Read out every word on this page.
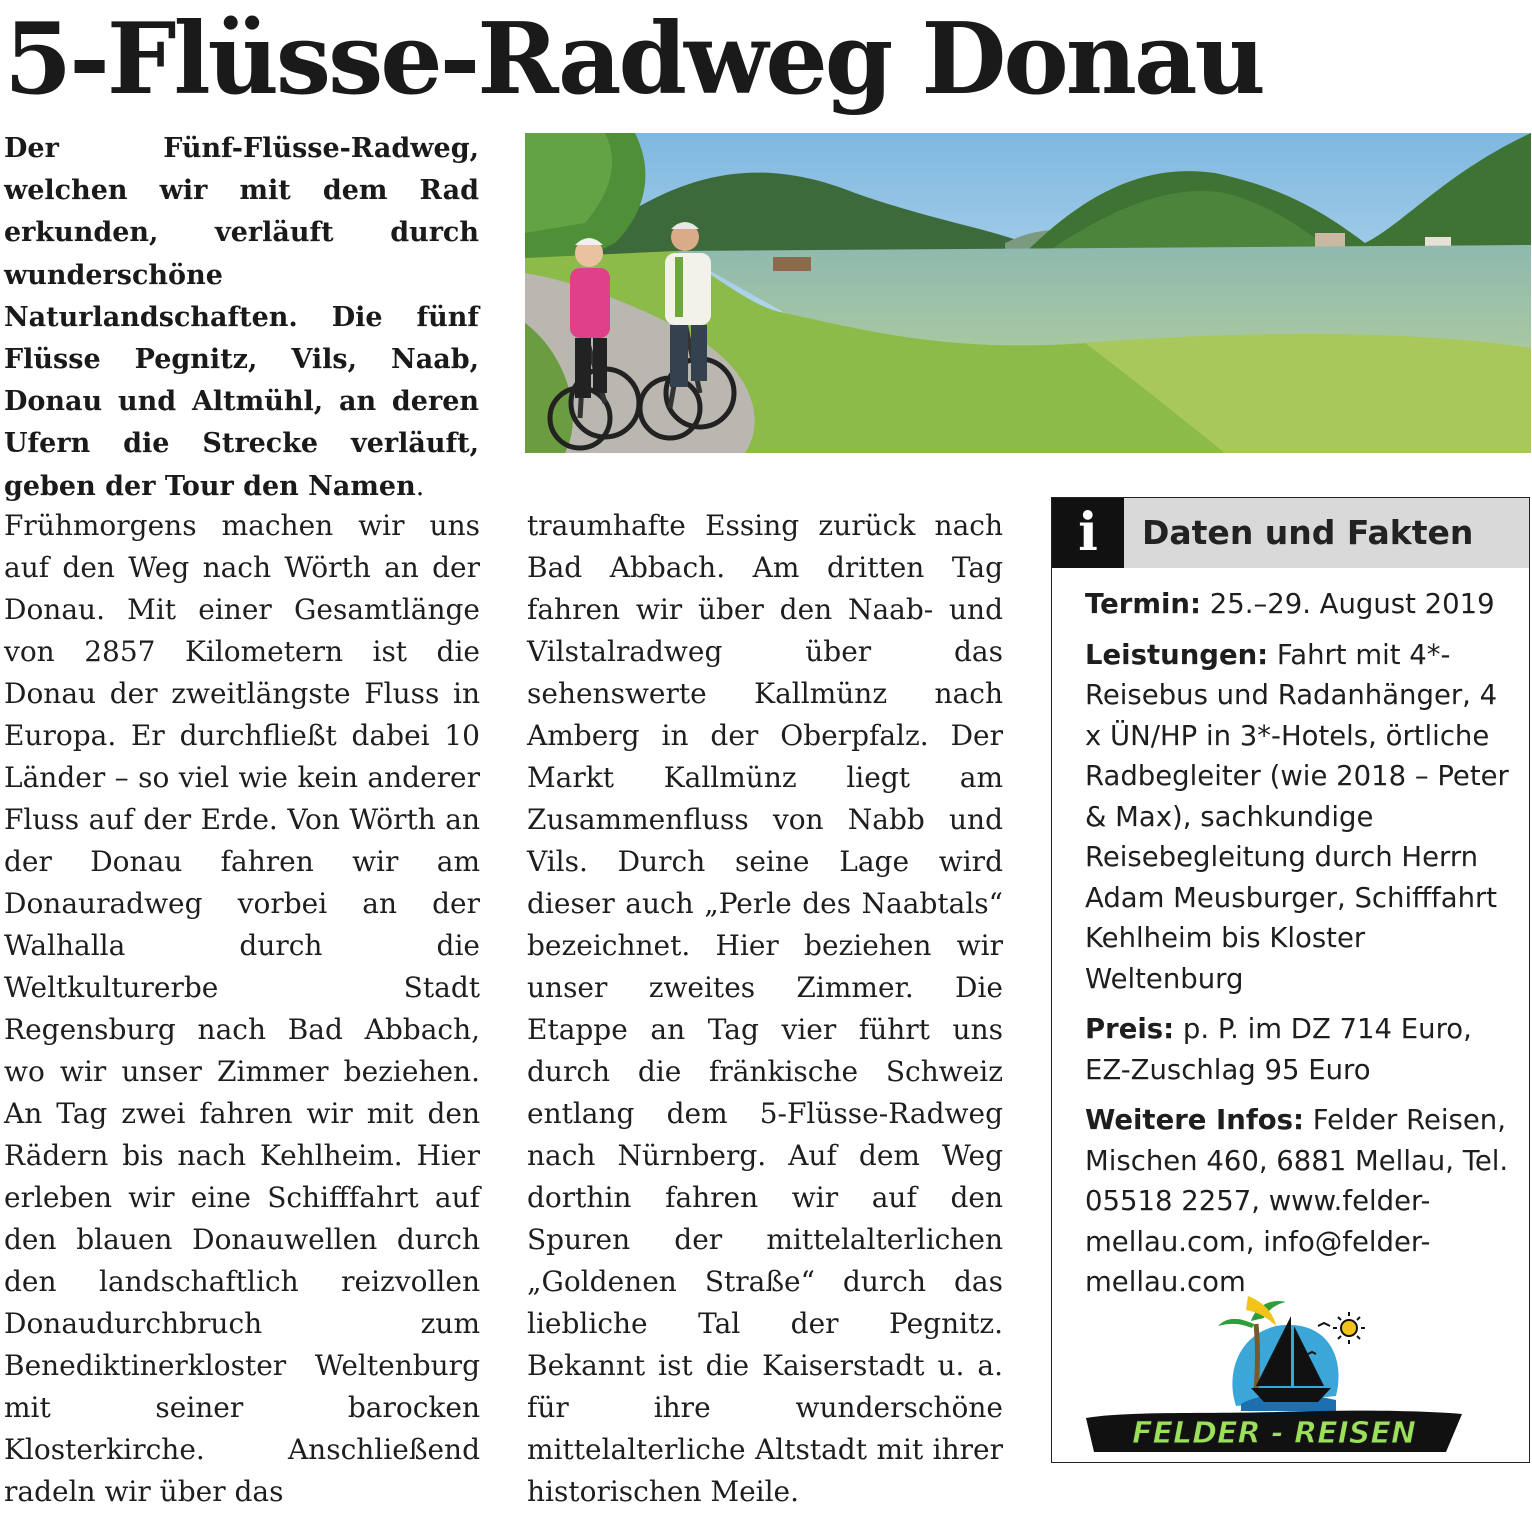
5-Flüsse-Radweg Donau
Der Fünf-Flüsse-Radweg, welchen wir mit dem Rad erkunden, verläuft durch wunderschöne Naturlandschaften. Die fünf Flüsse Pegnitz, Vils, Naab, Donau und Altmühl, an deren Ufern die Strecke verläuft, geben der Tour den Namen.
Frühmorgens machen wir uns auf den Weg nach Wörth an der Donau. Mit einer Gesamtlänge von 2857 Kilometern ist die Donau der zweitlängste Fluss in Europa. Er durchfließt dabei 10 Länder – so viel wie kein anderer Fluss auf der Erde. Von Wörth an der Donau fahren wir am Donauradweg vorbei an der Walhalla durch die Weltkulturerbe Stadt Regensburg nach Bad Abbach, wo wir unser Zimmer beziehen. An Tag zwei fahren wir mit den Rädern bis nach Kehlheim. Hier erleben wir eine Schifffahrt auf den blauen Donauwellen durch den landschaftlich reizvollen Donaudurchbruch zum Benediktinerkloster Weltenburg mit seiner barocken Klosterkirche. Anschließend radeln wir über das
traumhafte Essing zurück nach Bad Abbach. Am dritten Tag fahren wir über den Naab- und Vilstalradweg über das sehenswerte Kallmünz nach Amberg in der Oberpfalz. Der Markt Kallmünz liegt am Zusammenfluss von Nabb und Vils. Durch seine Lage wird dieser auch „Perle des Naabtals“ bezeichnet. Hier beziehen wir unser zweites Zimmer. Die Etappe an Tag vier führt uns durch die fränkische Schweiz entlang dem 5-Flüsse-Radweg nach Nürnberg. Auf dem Weg dorthin fahren wir auf den Spuren der mittelalterlichen „Goldenen Straße“ durch das liebliche Tal der Pegnitz. Bekannt ist die Kaiserstadt u. a. für ihre wunderschöne mittelalterliche Altstadt mit ihrer historischen Meile.
i	Daten und Fakten

Termin: 25.–29. August 2019

Leistungen: Fahrt mit 4*-Reisebus und Radanhänger, 4 x ÜN/HP in 3*-Hotels, örtliche Radbegleiter (wie 2018 – Peter & Max), sachkundige Reisebegleitung durch Herrn Adam Meusburger, Schifffahrt Kehlheim bis Kloster Weltenburg

Preis: p. P. im DZ 714 Euro, EZ-Zuschlag 95 Euro

Weitere Infos: Felder Reisen, Mischen 460, 6881 Mellau, Tel. 05518 2257, www.felder-mellau.com, info@felder-mellau.com

FELDER - REISEN
